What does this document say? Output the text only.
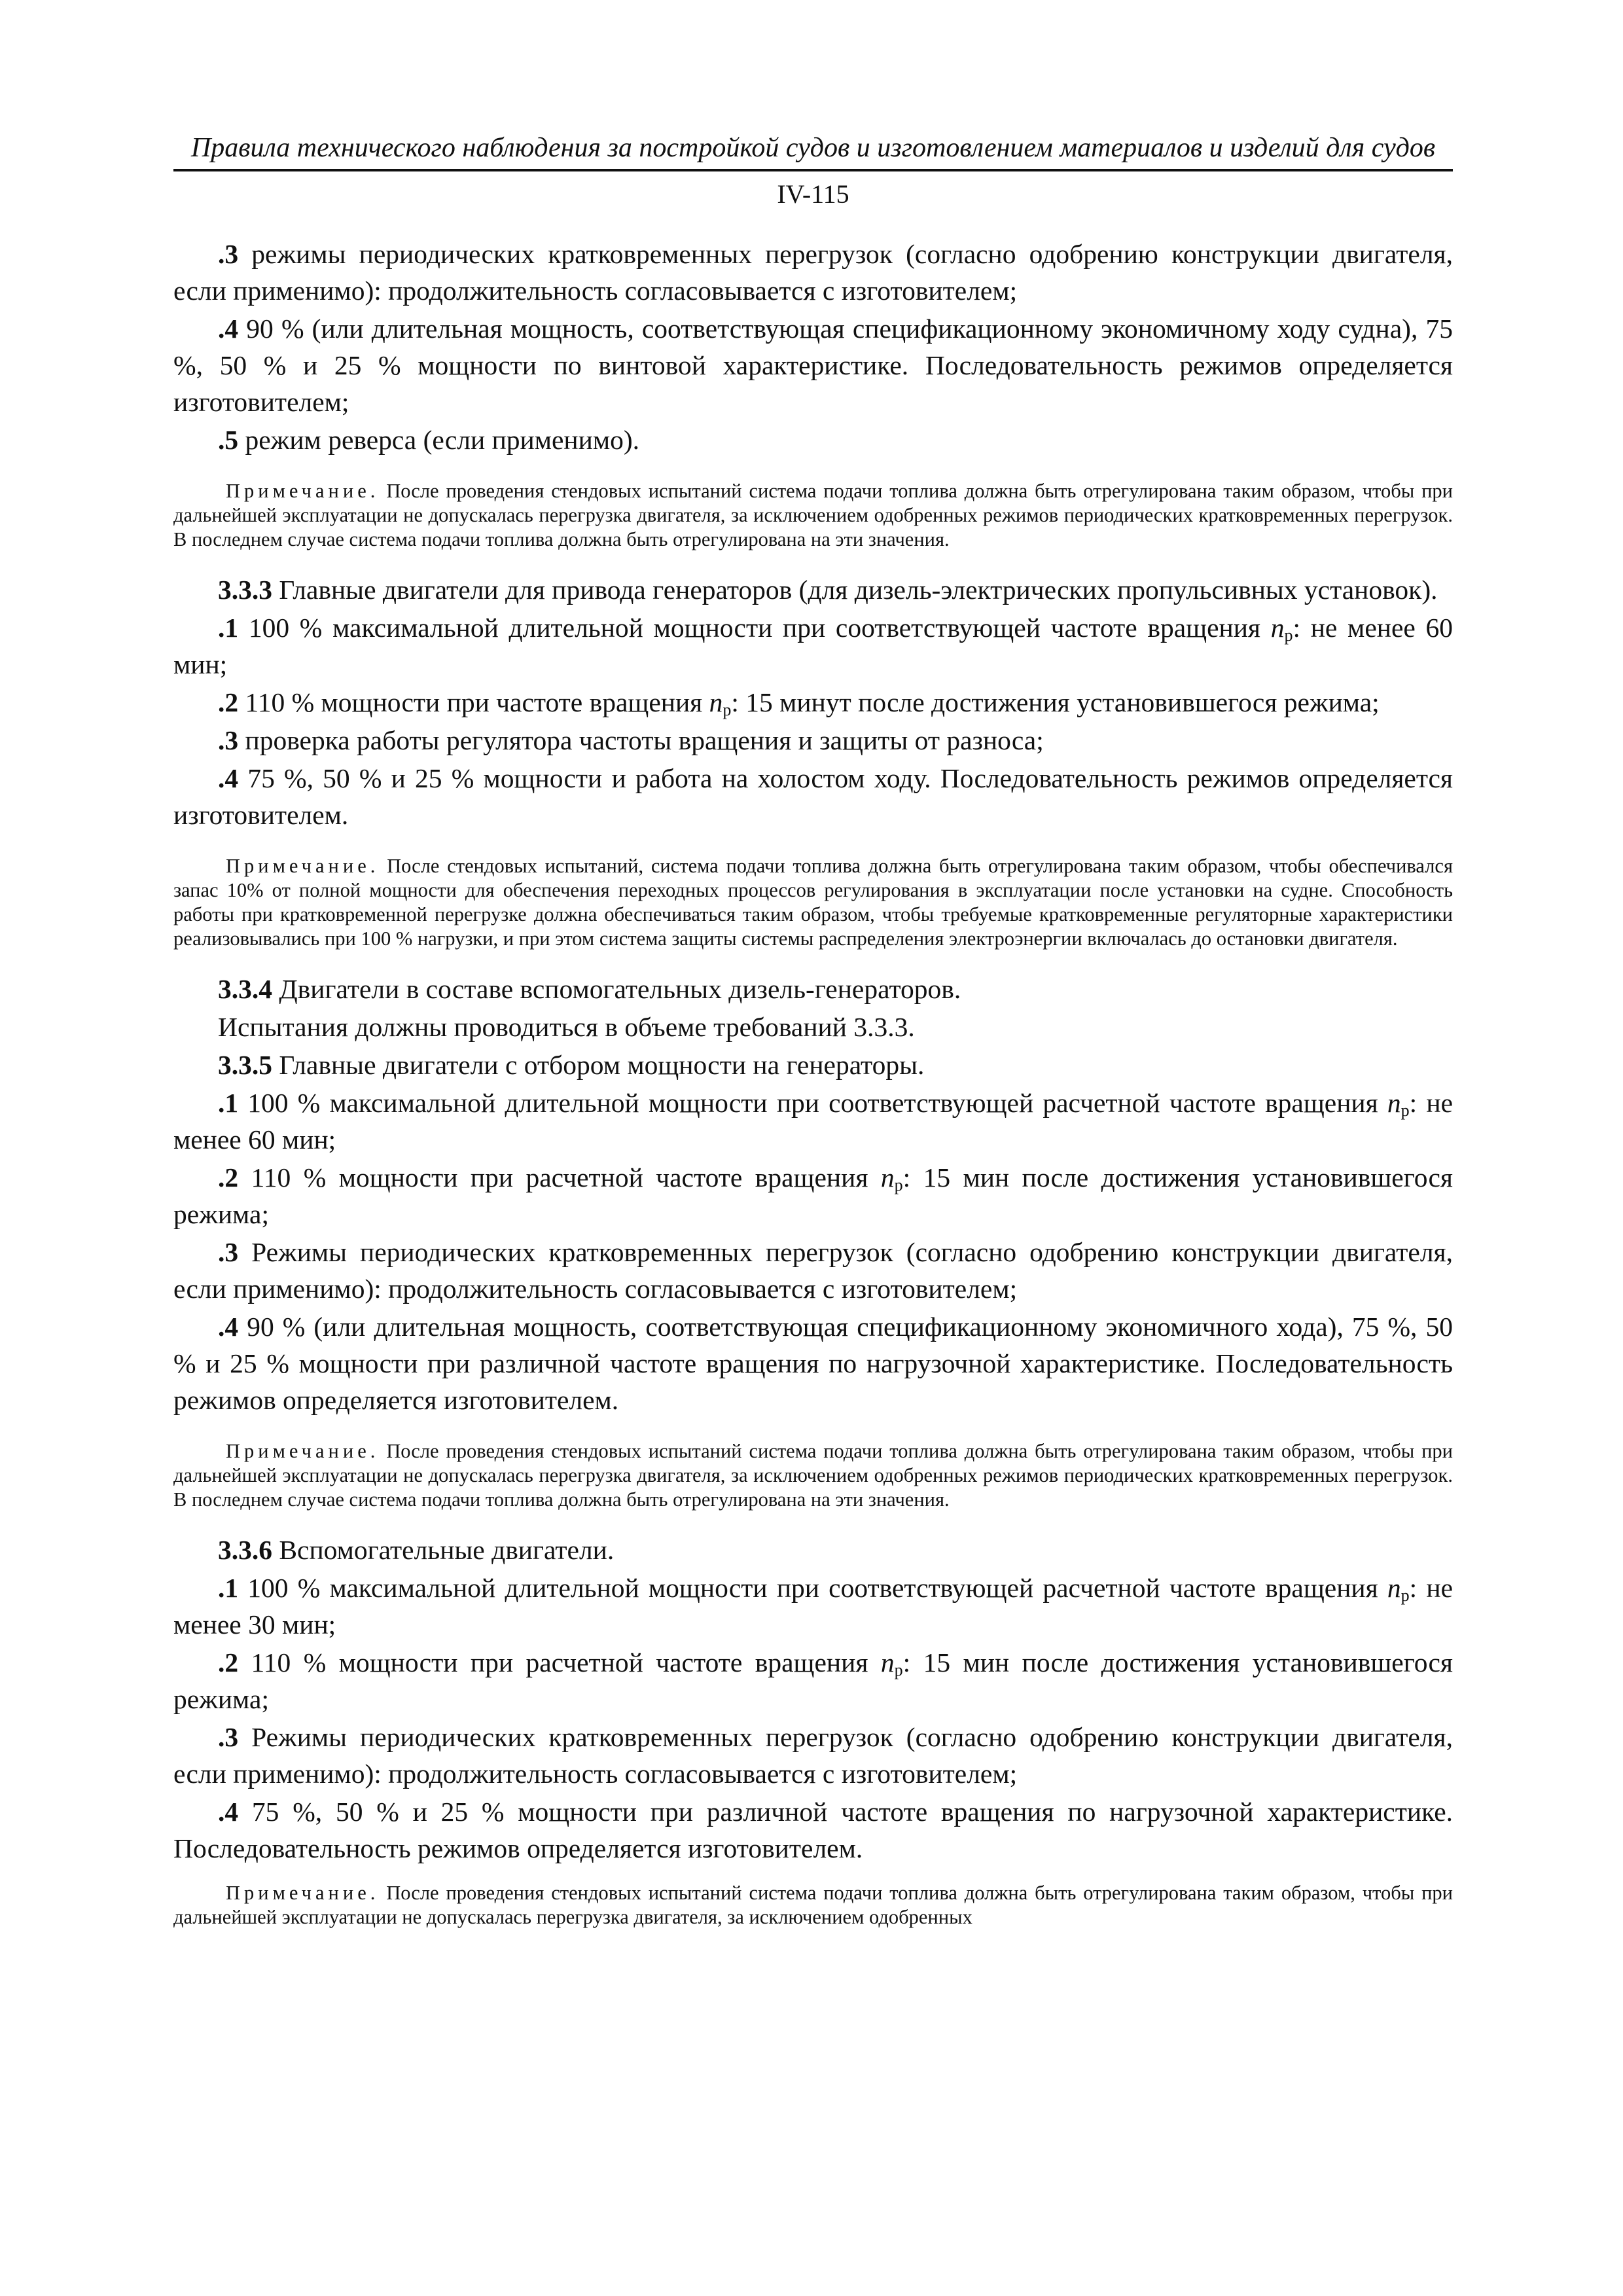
Правила технического наблюдения за постройкой судов и изготовлением материалов и изделий для судов
IV-115

.3 режимы периодических кратковременных перегрузок (согласно одобрению конструкции двигателя, если применимо): продолжительность согласовывается с изготовителем;

.4 90 % (или длительная мощность, соответствующая спецификационному экономичному ходу судна), 75 %, 50 % и 25 % мощности по винтовой характеристике. Последовательность режимов определяется изготовителем;

.5 режим реверса (если применимо).

Примечание. После проведения стендовых испытаний система подачи топлива должна быть отрегулирована таким образом, чтобы при дальнейшей эксплуатации не допускалась перегрузка двигателя, за исключением одобренных режимов периодических кратковременных перегрузок. В последнем случае система подачи топлива должна быть отрегулирована на эти значения.

3.3.3 Главные двигатели для привода генераторов (для дизель-электрических пропульсивных установок).

.1 100 % максимальной длительной мощности при соответствующей частоте вращения $n_p$: не менее 60 мин;

.2 110 % мощности при частоте вращения $n_p$: 15 минут после достижения установившегося режима;

.3 проверка работы регулятора частоты вращения и защиты от разноса;

.4 75 %, 50 % и 25 % мощности и работа на холостом ходу. Последовательность режимов определяется изготовителем.

Примечание. После стендовых испытаний, система подачи топлива должна быть отрегулирована таким образом, чтобы обеспечивался запас 10% от полной мощности для обеспечения переходных процессов регулирования в эксплуатации после установки на судне. Способность работы при кратковременной перегрузке должна обеспечиваться таким образом, чтобы требуемые кратковременные регуляторные характеристики реализовывались при 100 % нагрузки, и при этом система защиты системы распределения электроэнергии включалась до остановки двигателя.

3.3.4 Двигатели в составе вспомогательных дизель-генераторов.

Испытания должны проводиться в объеме требований 3.3.3.

3.3.5 Главные двигатели с отбором мощности на генераторы.

.1 100 % максимальной длительной мощности при соответствующей расчетной частоте вращения $n_p$: не менее 60 мин;

.2 110 % мощности при расчетной частоте вращения $n_p$: 15 мин после достижения установившегося режима;

.3 Режимы периодических кратковременных перегрузок (согласно одобрению конструкции двигателя, если применимо): продолжительность согласовывается с изготовителем;

.4 90 % (или длительная мощность, соответствующая спецификационному экономичного хода), 75 %, 50 % и 25 % мощности при различной частоте вращения по нагрузочной характеристике. Последовательность режимов определяется изготовителем.

Примечание. После проведения стендовых испытаний система подачи топлива должна быть отрегулирована таким образом, чтобы при дальнейшей эксплуатации не допускалась перегрузка двигателя, за исключением одобренных режимов периодических кратковременных перегрузок. В последнем случае система подачи топлива должна быть отрегулирована на эти значения.

3.3.6 Вспомогательные двигатели.

.1 100 % максимальной длительной мощности при соответствующей расчетной частоте вращения $n_p$: не менее 30 мин;

.2 110 % мощности при расчетной частоте вращения $n_p$: 15 мин после достижения установившегося режима;

.3 Режимы периодических кратковременных перегрузок (согласно одобрению конструкции двигателя, если применимо): продолжительность согласовывается с изготовителем;

.4 75 %, 50 % и 25 % мощности при различной частоте вращения по нагрузочной характеристике. Последовательность режимов определяется изготовителем.

Примечание. После проведения стендовых испытаний система подачи топлива должна быть отрегулирована таким образом, чтобы при дальнейшей эксплуатации не допускалась перегрузка двигателя, за исключением одобренных
